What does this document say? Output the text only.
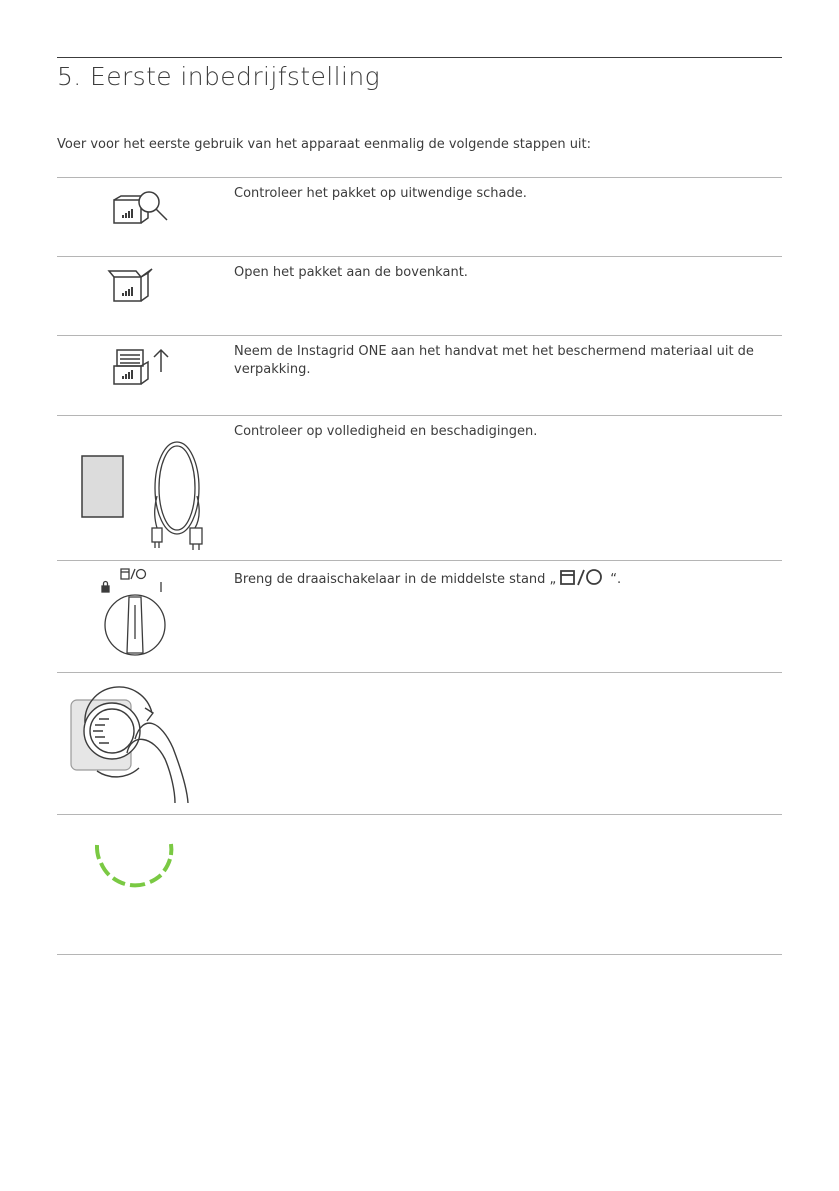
5. Eerste inbedrijfstelling
Voer voor het eerste gebruik van het apparaat eenmalig de volgende stappen uit:
Controleer het pakket op uitwendige schade.
Open het pakket aan de bovenkant.
Neem de Instagrid ONE aan het handvat met het beschermend materiaal uit de verpakking.
Controleer op volledigheid en beschadigingen.
Breng de draaischakelaar in de middelste stand „	“.
